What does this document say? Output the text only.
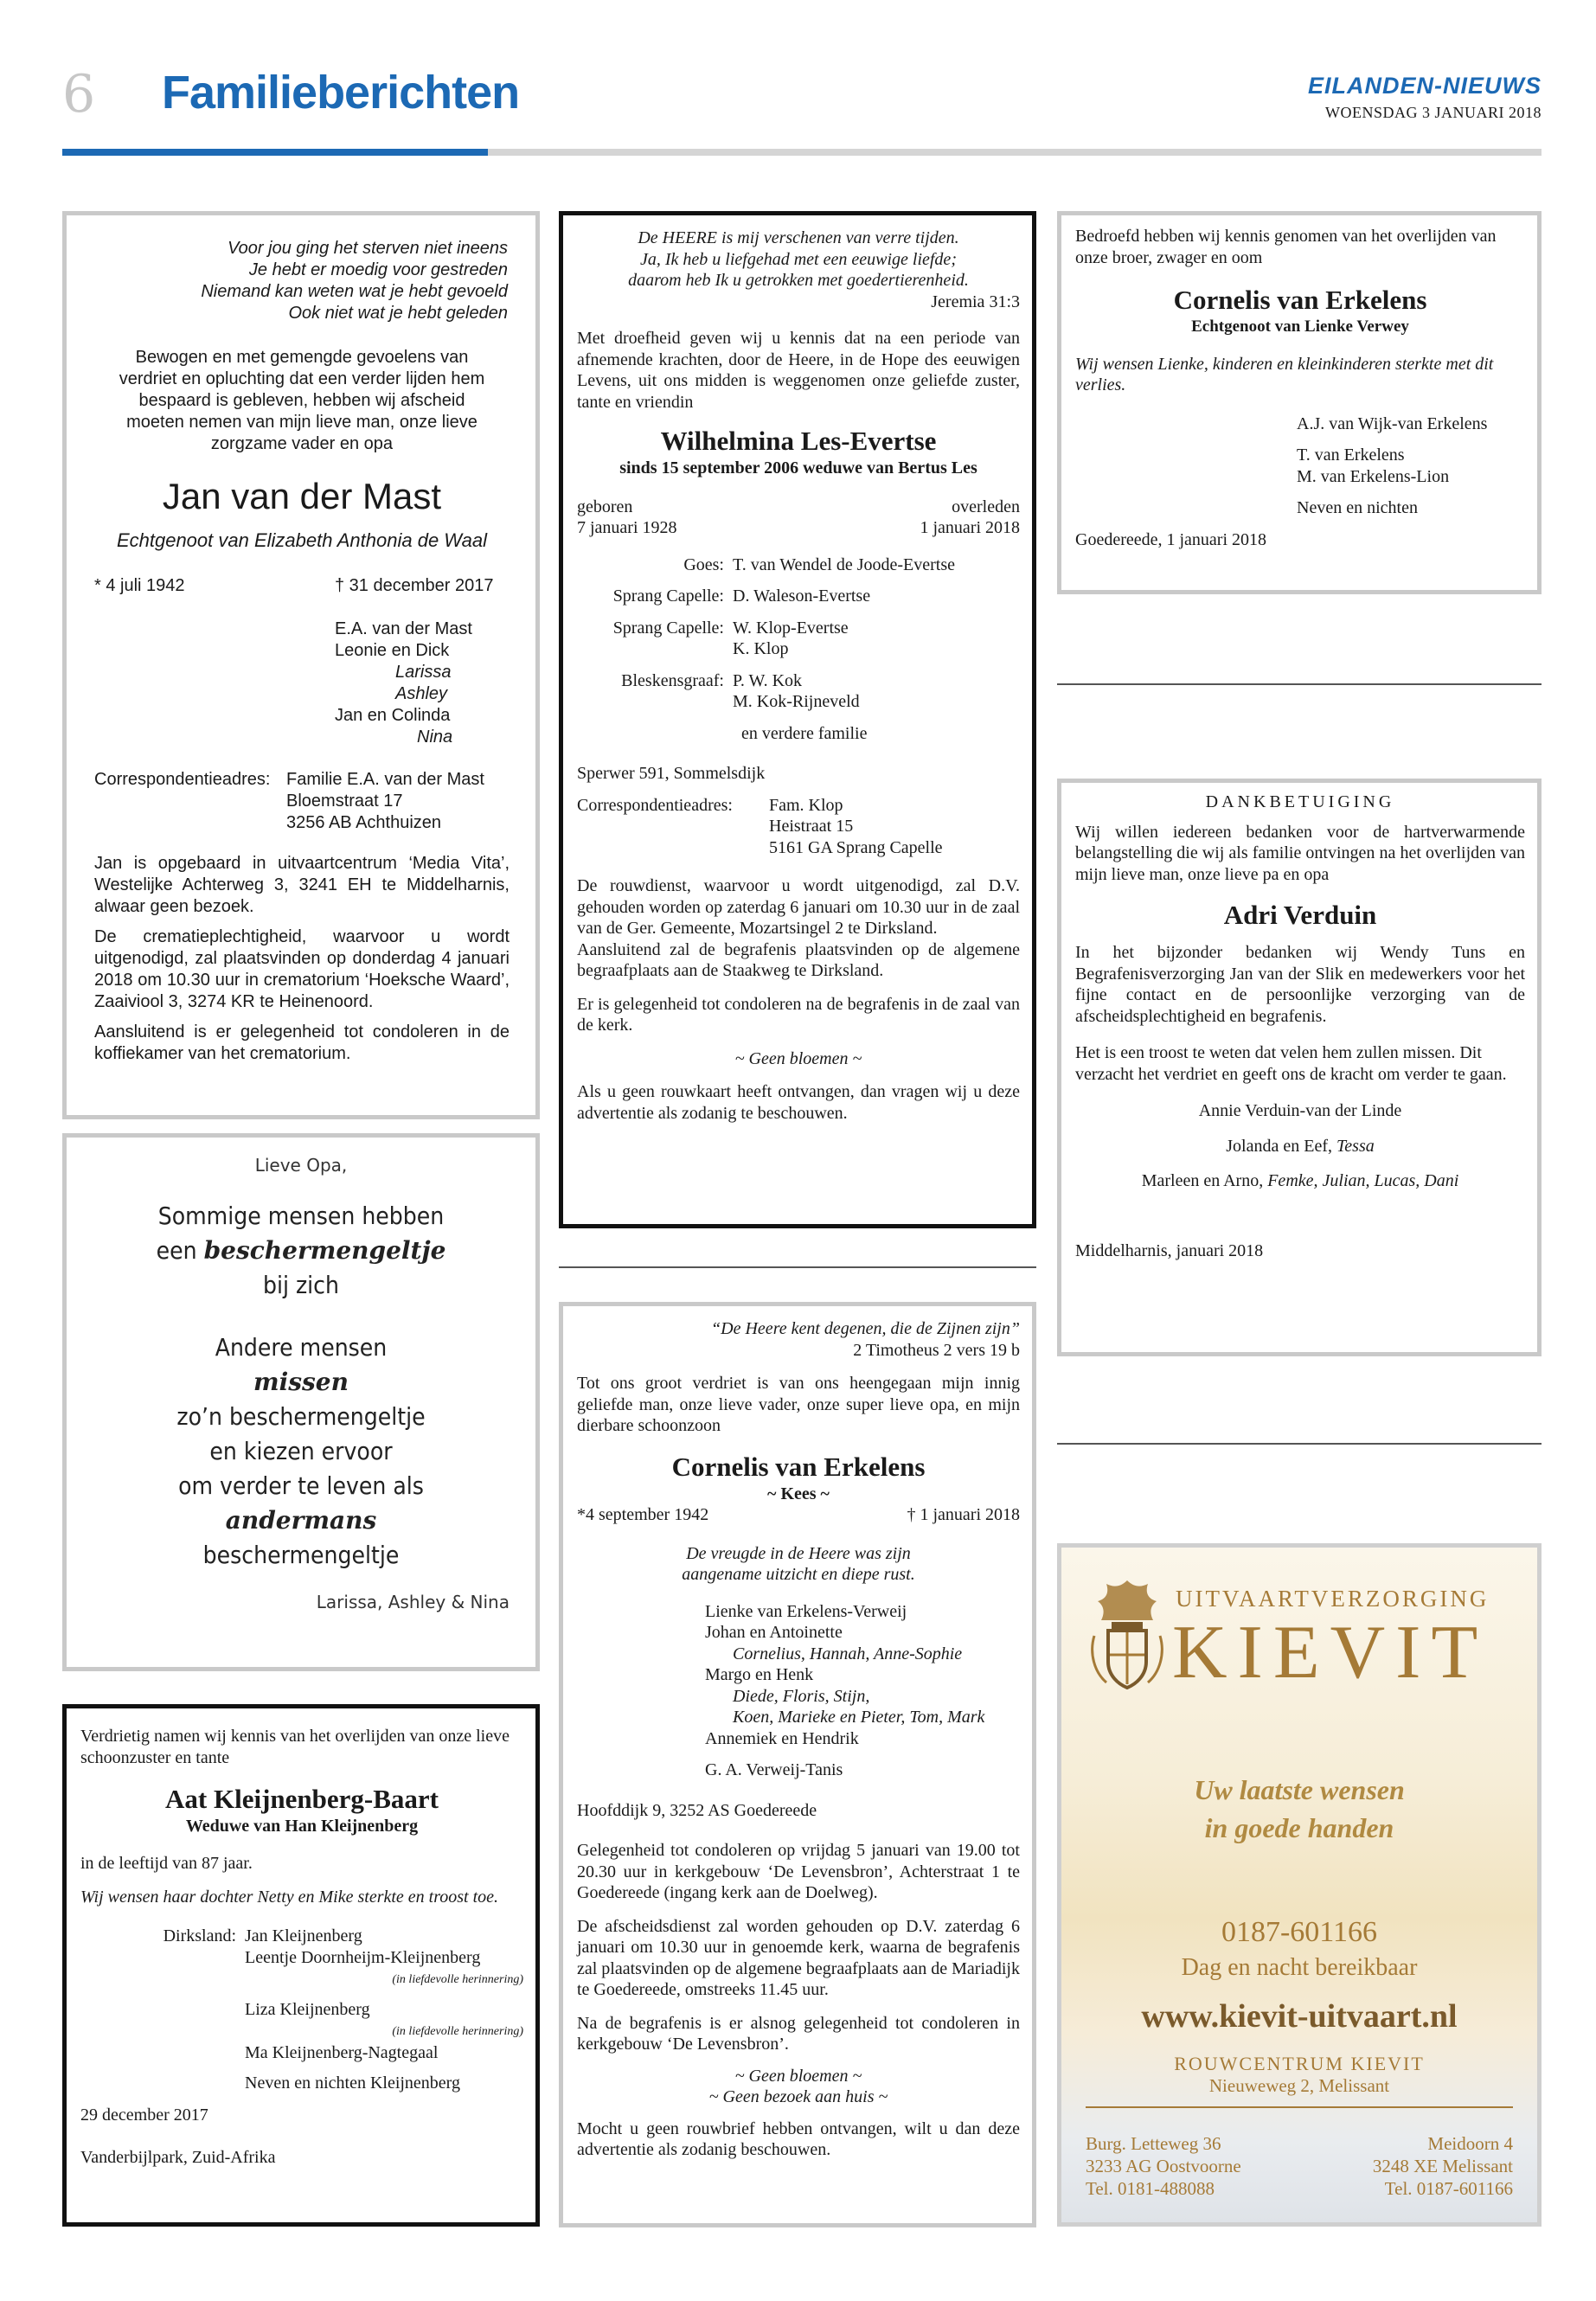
6 Familieberichten	EILANDEN-NIEUWS
WOENSDAG 3 JANUARI 2018
Voor jou ging het sterven niet ineens
Je hebt er moedig voor gestreden
Niemand kan weten wat je hebt gevoeld
Ook niet wat je hebt geleden
Bewogen en met gemengde gevoelens van
verdriet en opluchting dat een verder lijden hem
bespaard is gebleven, hebben wij afscheid
moeten nemen van mijn lieve man, onze lieve
zorgzame vader en opa
Jan van der Mast
Echtgenoot van Elizabeth Anthonia de Waal
* 4 juli 1942	† 31 december 2017
E.A. van der Mast
Leonie en Dick
Larissa
Ashley
Jan en Colinda
Nina
Correspondentieadres: Familie E.A. van der Mast
Bloemstraat 17
3256 AB Achthuizen
Jan is opgebaard in uitvaartcentrum ‘Media Vita’, Westelijke Achterweg 3, 3241 EH te Middelharnis, alwaar geen bezoek.
De crematieplechtigheid, waarvoor u wordt uitgenodigd, zal plaatsvinden op donderdag 4 januari 2018 om 10.30 uur in crematorium ‘Hoeksche Waard’, Zaaiviool 3, 3274 KR te Heinenoord.
Aansluitend is er gelegenheid tot condoleren in de koffiekamer van het crematorium.
Lieve Opa,
Sommige mensen hebben
een beschermengeltje
bij zich
Andere mensen
missen
zo’n beschermengeltje
en kiezen ervoor
om verder te leven als
andermans
beschermengeltje
Larissa, Ashley & Nina
Verdrietig namen wij kennis van het overlijden van onze lieve schoonzuster en tante
Aat Kleijnenberg-Baart
Weduwe van Han Kleijnenberg
in de leeftijd van 87 jaar.
Wij wensen haar dochter Netty en Mike sterkte en troost toe.
Dirksland: Jan Kleijnenberg
Leentje Doornheijm-Kleijnenberg
(in liefdevolle herinnering)
Liza Kleijnenberg
(in liefdevolle herinnering)
Ma Kleijnenberg-Nagtegaal
Neven en nichten Kleijnenberg
29 december 2017
Vanderbijlpark, Zuid-Afrika
De HEERE is mij verschenen van verre tijden.
Ja, Ik heb u liefgehad met een eeuwige liefde;
daarom heb Ik u getrokken met goedertierenheid.
Jeremia 31:3
Met droefheid geven wij u kennis dat na een periode van afnemende krachten, door de Heere, in de Hope des eeuwigen Levens, uit ons midden is weggenomen onze geliefde zuster, tante en vriendin
Wilhelmina Les-Evertse
sinds 15 september 2006 weduwe van Bertus Les
geboren	overleden
7 januari 1928	1 januari 2018
Goes: T. van Wendel de Joode-Evertse
Sprang Capelle: D. Waleson-Evertse
Sprang Capelle: W. Klop-Evertse
K. Klop
Bleskensgraaf: P. W. Kok
M. Kok-Rijneveld
en verdere familie
Sperwer 591, Sommelsdijk
Correspondentieadres:	Fam. Klop
Heistraat 15
5161 GA Sprang Capelle
De rouwdienst, waarvoor u wordt uitgenodigd, zal D.V. gehouden worden op zaterdag 6 januari om 10.30 uur in de zaal van de Ger. Gemeente, Mozartsingel 2 te Dirksland.
Aansluitend zal de begrafenis plaatsvinden op de algemene begraafplaats aan de Staakweg te Dirksland.
Er is gelegenheid tot condoleren na de begrafenis in de zaal van de kerk.
~ Geen bloemen ~
Als u geen rouwkaart heeft ontvangen, dan vragen wij u deze advertentie als zodanig te beschouwen.
“De Heere kent degenen, die de Zijnen zijn”
2 Timotheus 2 vers 19 b
Tot ons groot verdriet is van ons heengegaan mijn innig geliefde man, onze lieve vader, onze super lieve opa, en mijn dierbare schoonzoon
Cornelis van Erkelens
~ Kees ~
*4 september 1942	† 1 januari 2018
De vreugde in de Heere was zijn
aangename uitzicht en diepe rust.
Lienke van Erkelens-Verweij
Johan en Antoinette
Cornelius, Hannah, Anne-Sophie
Margo en Henk
Diede, Floris, Stijn,
Koen, Marieke en Pieter, Tom, Mark
Annemiek en Hendrik
G. A. Verweij-Tanis
Hoofddijk 9, 3252 AS Goedereede
Gelegenheid tot condoleren op vrijdag 5 januari van 19.00 tot 20.30 uur in kerkgebouw ‘De Levensbron’, Achterstraat 1 te Goedereede (ingang kerk aan de Doelweg).
De afscheidsdienst zal worden gehouden op D.V. zaterdag 6 januari om 10.30 uur in genoemde kerk, waarna de begrafenis zal plaatsvinden op de algemene begraafplaats aan de Mariadijk te Goedereede, omstreeks 11.45 uur.
Na de begrafenis is er alsnog gelegenheid tot condoleren in kerkgebouw ‘De Levensbron’.
~ Geen bloemen ~
~ Geen bezoek aan huis ~
Mocht u geen rouwbrief hebben ontvangen, wilt u dan deze advertentie als zodanig beschouwen.
Bedroefd hebben wij kennis genomen van het overlijden van onze broer, zwager en oom
Cornelis van Erkelens
Echtgenoot van Lienke Verwey
Wij wensen Lienke, kinderen en kleinkinderen sterkte met dit verlies.
A.J. van Wijk-van Erkelens
T. van Erkelens
M. van Erkelens-Lion
Neven en nichten
Goedereede, 1 januari 2018
DANKBETUIGING
Wij willen iedereen bedanken voor de hartverwarmende belangstelling die wij als familie ontvingen na het overlijden van mijn lieve man, onze lieve pa en opa
Adri Verduin
In het bijzonder bedanken wij Wendy Tuns en Begrafenisverzorging Jan van der Slik en medewerkers voor het fijne contact en de persoonlijke verzorging van de afscheidsplechtigheid en begrafenis.
Het is een troost te weten dat velen hem zullen missen. Dit verzacht het verdriet en geeft ons de kracht om verder te gaan.
Annie Verduin-van der Linde
Jolanda en Eef, Tessa
Marleen en Arno, Femke, Julian, Lucas, Dani
Middelharnis, januari 2018
UITVAARTVERZORGING
KIEVIT
Uw laatste wensen
in goede handen
0187-601166
Dag en nacht bereikbaar
www.kievit-uitvaart.nl
ROUWCENTRUM KIEVIT
Nieuweweg 2, Melissant
Burg. Letteweg 36
3233 AG Oostvoorne
Tel. 0181-488088
Meidoorn 4
3248 XE Melissant
Tel. 0187-601166
